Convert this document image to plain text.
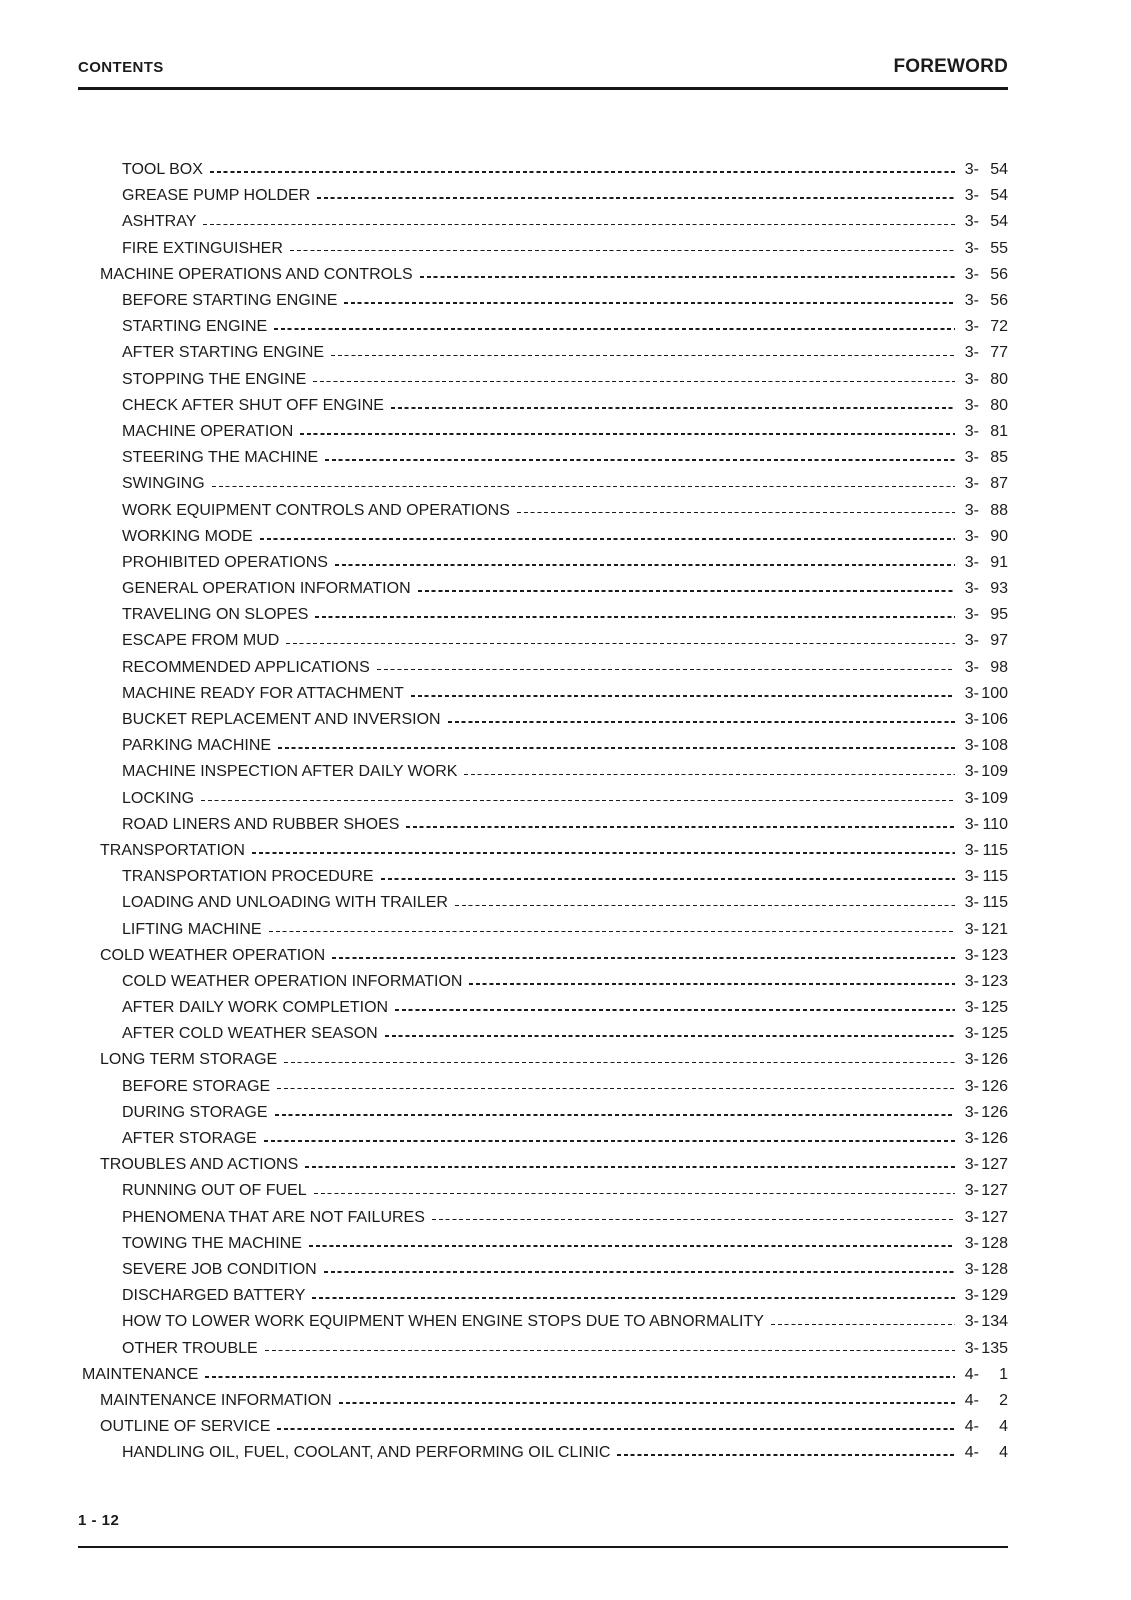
CONTENTS	FOREWORD
TOOL BOX	3- 54
GREASE PUMP HOLDER	3- 54
ASHTRAY	3- 54
FIRE EXTINGUISHER	3- 55
MACHINE OPERATIONS AND CONTROLS	3- 56
BEFORE STARTING ENGINE	3- 56
STARTING ENGINE	3- 72
AFTER STARTING ENGINE	3- 77
STOPPING THE ENGINE	3- 80
CHECK AFTER SHUT OFF ENGINE	3- 80
MACHINE OPERATION	3- 81
STEERING THE MACHINE	3- 85
SWINGING	3- 87
WORK EQUIPMENT CONTROLS AND OPERATIONS	3- 88
WORKING MODE	3- 90
PROHIBITED OPERATIONS	3- 91
GENERAL OPERATION INFORMATION	3- 93
TRAVELING ON SLOPES	3- 95
ESCAPE FROM MUD	3- 97
RECOMMENDED APPLICATIONS	3- 98
MACHINE READY FOR ATTACHMENT	3- 100
BUCKET REPLACEMENT AND INVERSION	3- 106
PARKING MACHINE	3- 108
MACHINE INSPECTION AFTER DAILY WORK	3- 109
LOCKING	3- 109
ROAD LINERS AND RUBBER SHOES	3- 110
TRANSPORTATION	3- 115
TRANSPORTATION PROCEDURE	3- 115
LOADING AND UNLOADING WITH TRAILER	3- 115
LIFTING MACHINE	3- 121
COLD WEATHER OPERATION	3- 123
COLD WEATHER OPERATION INFORMATION	3- 123
AFTER DAILY WORK COMPLETION	3- 125
AFTER COLD WEATHER SEASON	3- 125
LONG TERM STORAGE	3- 126
BEFORE STORAGE	3- 126
DURING STORAGE	3- 126
AFTER STORAGE	3- 126
TROUBLES AND ACTIONS	3- 127
RUNNING OUT OF FUEL	3- 127
PHENOMENA THAT ARE NOT FAILURES	3- 127
TOWING THE MACHINE	3- 128
SEVERE JOB CONDITION	3- 128
DISCHARGED BATTERY	3- 129
HOW TO LOWER WORK EQUIPMENT WHEN ENGINE STOPS DUE TO ABNORMALITY	3- 134
OTHER TROUBLE	3- 135
MAINTENANCE	4-	1
MAINTENANCE INFORMATION	4-	2
OUTLINE OF SERVICE	4-	4
HANDLING OIL, FUEL, COOLANT, AND PERFORMING OIL CLINIC	4-	4
1 - 12
